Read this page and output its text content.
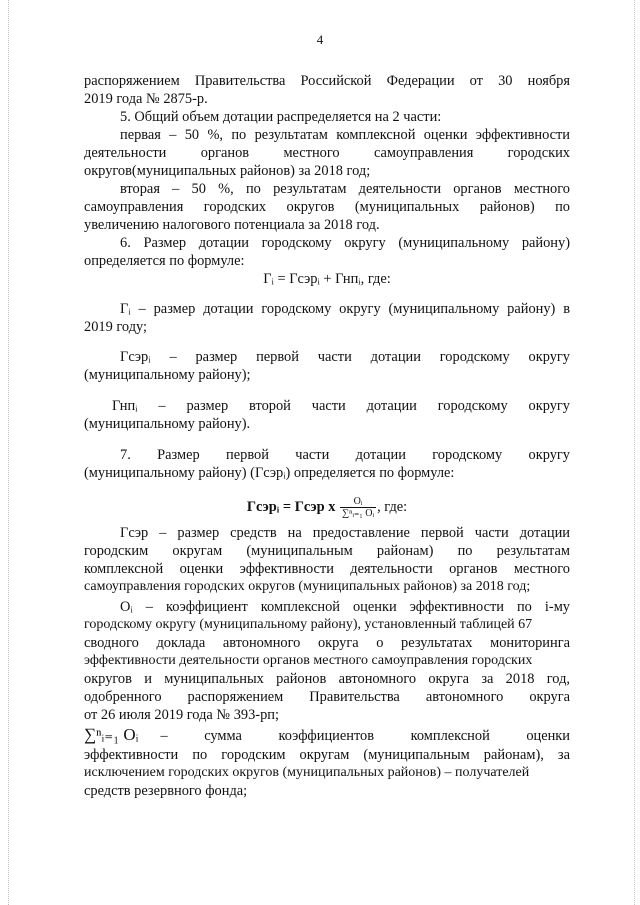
4
распоряжением Правительства Российской Федерации от 30 ноября
2019 года № 2875-р.
5. Общий объем дотации распределяется на 2 части:
первая – 50 %, по результатам комплексной оценки эффективности
деятельности органов местного самоуправления городских
округов(муниципальных районов) за 2018 год;
вторая – 50 %, по результатам деятельности органов местного
самоуправления городских округов (муниципальных районов) по
увеличению налогового потенциала за 2018 год.
6. Размер дотации городскому округу (муниципальному району)
определяется по формуле:
Гᵢ = Гсэрᵢ + Гнпᵢ, где:
Гᵢ – размер дотации городскому округу (муниципальному району) в
2019 году;
Гсэрᵢ – размер первой части дотации городскому округу
(муниципальному району);
Гнпᵢ – размер второй части дотации городскому округу
(муниципальному району).
7. Размер первой части дотации городскому округу
(муниципальному району) (Гсэрᵢ) определяется по формуле:
Гсэрᵢ = Гсэр x $\frac{\text{Oᵢ}}{\text{∑ⁿᵢ₌₁ Oᵢ}}$ , где:
Гсэр – размер средств на предоставление первой части дотации
городским округам (муниципальным районам) по результатам
комплексной оценки эффективности деятельности органов местного
самоуправления городских округов (муниципальных районов) за 2018 год;
Oᵢ – коэффициент комплексной оценки эффективности по i-му
городскому округу (муниципальному району), установленный таблицей 67
сводного доклада автономного округа о результатах мониторинга
эффективности деятельности органов местного самоуправления городских
округов и муниципальных районов автономного округа за 2018 год,
одобренного распоряжением Правительства автономного округа
от 26 июля 2019 года № 393-рп;
∑ⁿᵢ₌₁ Oᵢ – сумма коэффициентов комплексной оценки
эффективности по городским округам (муниципальным районам), за
исключением городских округов (муниципальных районов) – получателей
средств резервного фонда;
